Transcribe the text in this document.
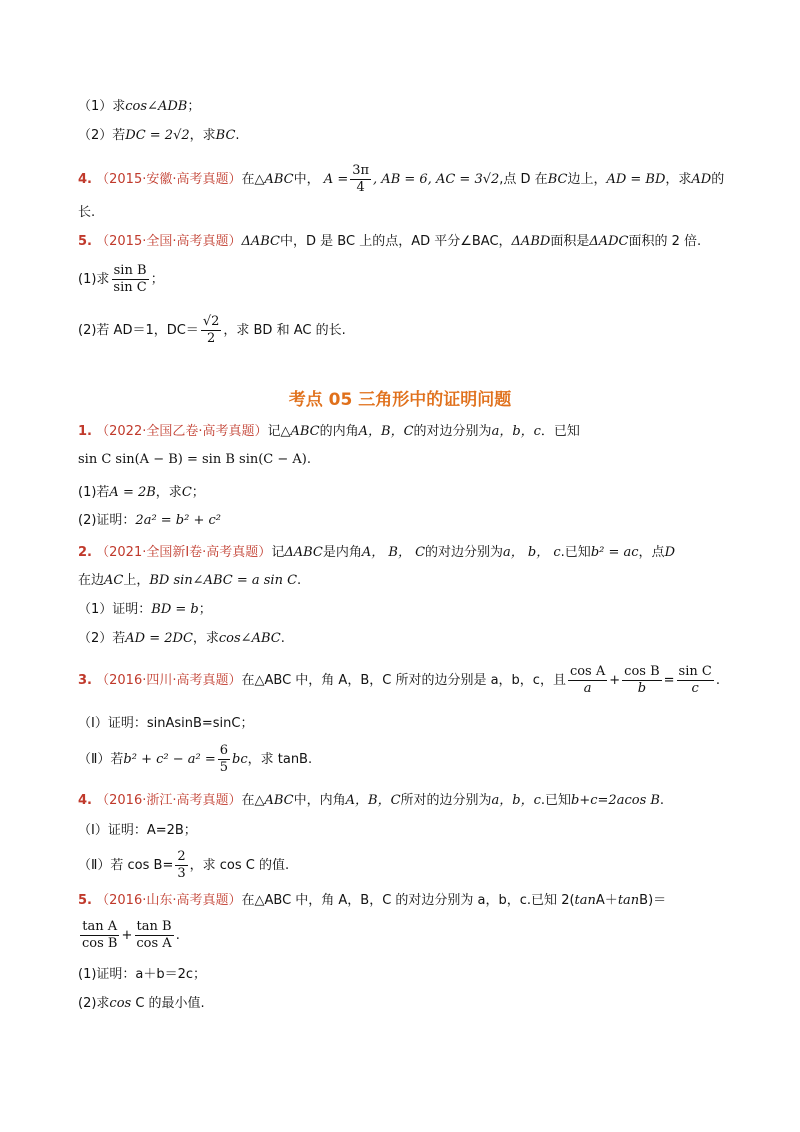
（1）求cos∠ADB；
（2）若DC = 2√2，求BC.
4. （2015·安徽·高考真题）在△ABC中， $A = \frac{3\pi}{4}$ , AB = 6, AC = 3√2,点 D 在BC边上，AD = BD，求AD的
长.
5. （2015·全国·高考真题）ΔABC中，D 是 BC 上的点，AD 平分∠BAC，ΔABD面积是ΔADC面积的 2 倍.
(1)求 $\frac{\text{sin B}}{\text{sin C}}$ ；
(2)若 AD＝1，$DC= \frac{√2}{2}$ ，求 BD 和 AC 的长.
考点 05 三角形中的证明问题
1. （2022·全国乙卷·高考真题）记△ABC的内角A，B，C的对边分别为a，b，c．已知
sin C sin(A − B) = sin B sin(C − A).
(1)若A = 2B，求C；
(2)证明：2a² = b² + c²
2. （2021·全国新Ⅰ卷·高考真题）记ΔABC是内角A， B， C的对边分别为a， b， c.已知b² = ac，点D
在边AC上，BD sin∠ABC = a sin C.
（1）证明：BD = b；
（2）若AD = 2DC，求cos∠ABC.
3. （2016·四川·高考真题）在△ABC 中，角 A，B，C 所对的边分别是 a，b，c，且 $\frac{\text{cos A}}{a} + \frac{\text{cos B}}{b} = \frac{\text{sin C}}{c}$ .
（Ⅰ）证明：sinAsinB=sinC；
（Ⅱ）若$b^2 + c^2 - a^2 = \frac{6}{5}$ bc，求 tanB.
4. （2016·浙江·高考真题）在△ABC中，内角A，B，C所对的边分别为a，b，c.已知b+c=2acos B.
（Ⅰ）证明：A=2B；
（Ⅱ）若 $\cos B= \frac{2}{3}$ ，求 cos C 的值.
5. （2016·山东·高考真题）在△ABC 中，角 A，B，C 的对边分别为 a，b，c.已知 2(tanA＋tanB)＝
$\frac{\text{tan A}}{\text{cos B}} + \frac{\text{tan B}}{\text{cos A}}$ .
(1)证明：a＋b＝2c；
(2)求cos C 的最小值.
